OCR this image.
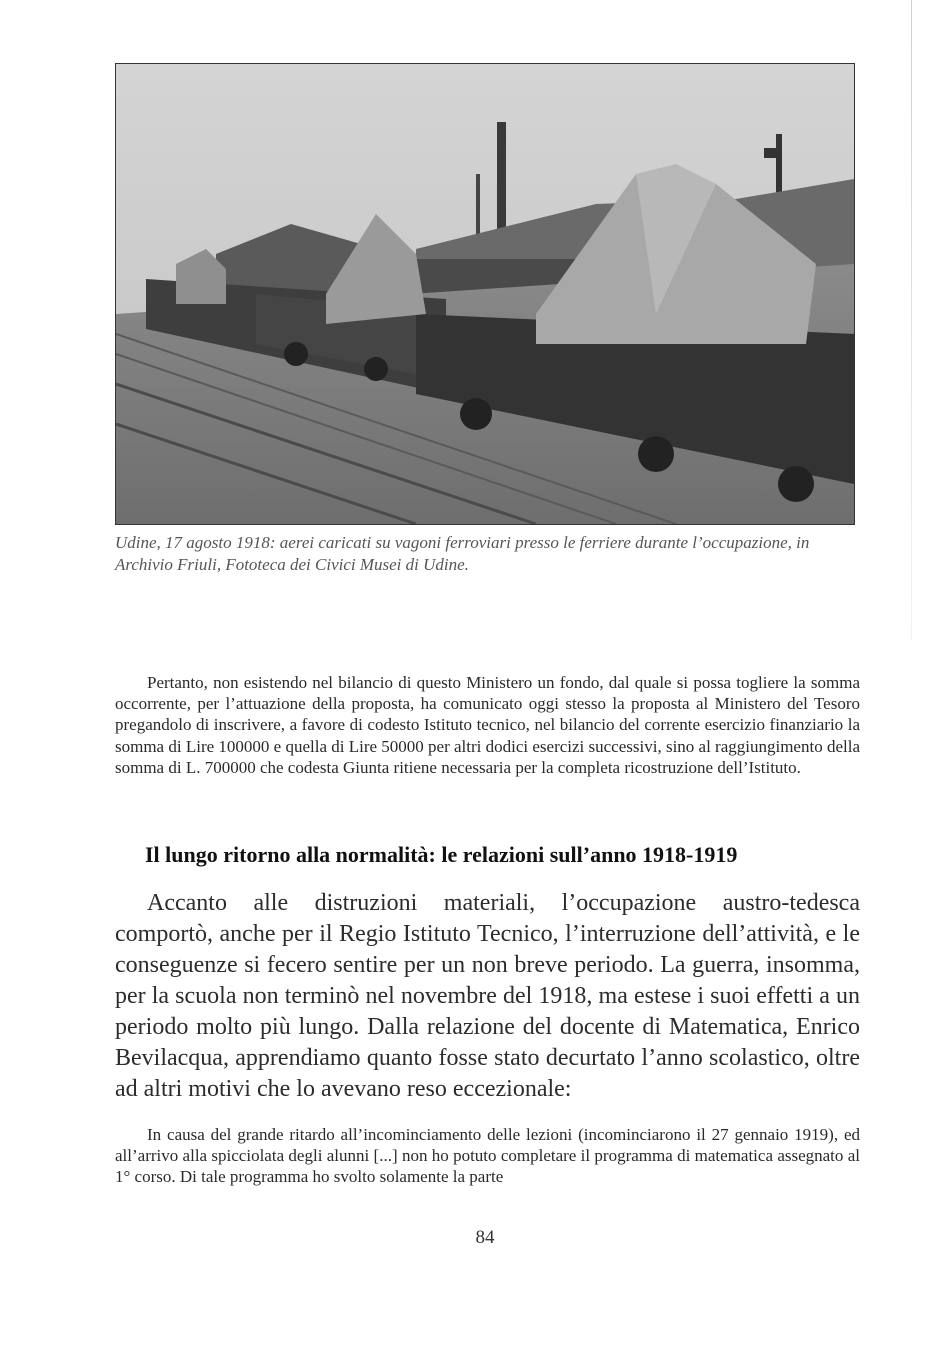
Udine, 17 agosto 1918: aerei caricati su vagoni ferroviari presso le ferriere durante l’occupazione, in Archivio Friuli, Fototeca dei Civici Musei di Udine.

Pertanto, non esistendo nel bilancio di questo Ministero un fondo, dal quale si possa togliere la somma occorrente, per l’attuazione della proposta, ha comunicato oggi stesso la proposta al Ministero del Tesoro pregandolo di inscrivere, a favore di codesto Istituto tecnico, nel bilancio del corrente esercizio finanziario la somma di Lire 100000 e quella di Lire 50000 per altri dodici esercizi successivi, sino al raggiungimento della somma di L. 700000 che codesta Giunta ritiene necessaria per la completa ricostruzione dell’Istituto.

Il lungo ritorno alla normalità: le relazioni sull’anno 1918-1919

Accanto alle distruzioni materiali, l’occupazione austro-tedesca comportò, anche per il Regio Istituto Tecnico, l’interruzione dell’attività, e le conseguenze si fecero sentire per un non breve periodo. La guerra, insomma, per la scuola non terminò nel novembre del 1918, ma estese i suoi effetti a un periodo molto più lungo. Dalla relazione del docente di Matematica, Enrico Bevilacqua, apprendiamo quanto fosse stato decurtato l’anno scolastico, oltre ad altri motivi che lo avevano reso eccezionale:

In causa del grande ritardo all’incominciamento delle lezioni (incominciarono il 27 gennaio 1919), ed all’arrivo alla spicciolata degli alunni [...] non ho potuto completare il programma di matematica assegnato al 1° corso. Di tale programma ho svolto solamente la parte

84
